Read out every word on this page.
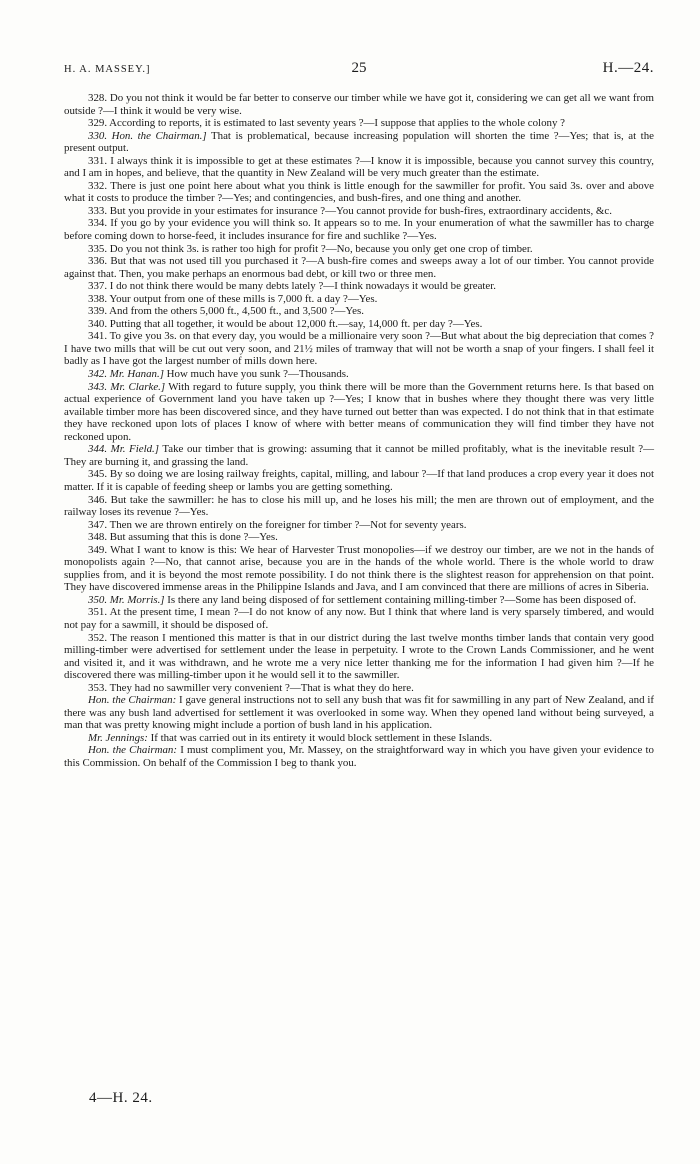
H. A. MASSEY.]	25	H.—24.

328. Do you not think it would be far better to conserve our timber while we have got it, considering we can get all we want from outside ?—I think it would be very wise.

329. According to reports, it is estimated to last seventy years ?—I suppose that applies to the whole colony ?

330. Hon. the Chairman.] That is problematical, because increasing population will shorten the time ?—Yes; that is, at the present output.

331. I always think it is impossible to get at these estimates ?—I know it is impossible, because you cannot survey this country, and I am in hopes, and believe, that the quantity in New Zealand will be very much greater than the estimate.

332. There is just one point here about what you think is little enough for the sawmiller for profit. You said 3s. over and above what it costs to produce the timber ?—Yes; and contingencies, and bush-fires, and one thing and another.

333. But you provide in your estimates for insurance ?—You cannot provide for bush-fires, extraordinary accidents, &c.

334. If you go by your evidence you will think so. It appears so to me. In your enumeration of what the sawmiller has to charge before coming down to horse-feed, it includes insurance for fire and suchlike ?—Yes.

335. Do you not think 3s. is rather too high for profit ?—No, because you only get one crop of timber.

336. But that was not used till you purchased it ?—A bush-fire comes and sweeps away a lot of our timber. You cannot provide against that. Then, you make perhaps an enormous bad debt, or kill two or three men.

337. I do not think there would be many debts lately ?—I think nowadays it would be greater.

338. Your output from one of these mills is 7,000 ft. a day ?—Yes.

339. And from the others 5,000 ft., 4,500 ft., and 3,500 ?—Yes.

340. Putting that all together, it would be about 12,000 ft.—say, 14,000 ft. per day ?—Yes.

341. To give you 3s. on that every day, you would be a millionaire very soon ?—But what about the big depreciation that comes ? I have two mills that will be cut out very soon, and 21½ miles of tramway that will not be worth a snap of your fingers. I shall feel it badly as I have got the largest number of mills down here.

342. Mr. Hanan.] How much have you sunk ?—Thousands.

343. Mr. Clarke.] With regard to future supply, you think there will be more than the Government returns here. Is that based on actual experience of Government land you have taken up ?—Yes; I know that in bushes where they thought there was very little available timber more has been discovered since, and they have turned out better than was expected. I do not think that in that estimate they have reckoned upon lots of places I know of where with better means of communication they will find timber they have not reckoned upon.

344. Mr. Field.] Take our timber that is growing: assuming that it cannot be milled profitably, what is the inevitable result ?—They are burning it, and grassing the land.

345. By so doing we are losing railway freights, capital, milling, and labour ?—If that land produces a crop every year it does not matter. If it is capable of feeding sheep or lambs you are getting something.

346. But take the sawmiller: he has to close his mill up, and he loses his mill; the men are thrown out of employment, and the railway loses its revenue ?—Yes.

347. Then we are thrown entirely on the foreigner for timber ?—Not for seventy years.

348. But assuming that this is done ?—Yes.

349. What I want to know is this: We hear of Harvester Trust monopolies—if we destroy our timber, are we not in the hands of monopolists again ?—No, that cannot arise, because you are in the hands of the whole world. There is the whole world to draw supplies from, and it is beyond the most remote possibility. I do not think there is the slightest reason for apprehension on that point. They have discovered immense areas in the Philippine Islands and Java, and I am convinced that there are millions of acres in Siberia.

350. Mr. Morris.] Is there any land being disposed of for settlement containing milling-timber ?—Some has been disposed of.

351. At the present time, I mean ?—I do not know of any now. But I think that where land is very sparsely timbered, and would not pay for a sawmill, it should be disposed of.

352. The reason I mentioned this matter is that in our district during the last twelve months timber lands that contain very good milling-timber were advertised for settlement under the lease in perpetuity. I wrote to the Crown Lands Commissioner, and he went and visited it, and it was withdrawn, and he wrote me a very nice letter thanking me for the information I had given him ?—If he discovered there was milling-timber upon it he would sell it to the sawmiller.

353. They had no sawmiller very convenient ?—That is what they do here.

Hon. the Chairman: I gave general instructions not to sell any bush that was fit for sawmilling in any part of New Zealand, and if there was any bush land advertised for settlement it was overlooked in some way. When they opened land without being surveyed, a man that was pretty knowing might include a portion of bush land in his application.

Mr. Jennings: If that was carried out in its entirety it would block settlement in these Islands.

Hon. the Chairman: I must compliment you, Mr. Massey, on the straightforward way in which you have given your evidence to this Commission. On behalf of the Commission I beg to thank you.

4—H. 24.
